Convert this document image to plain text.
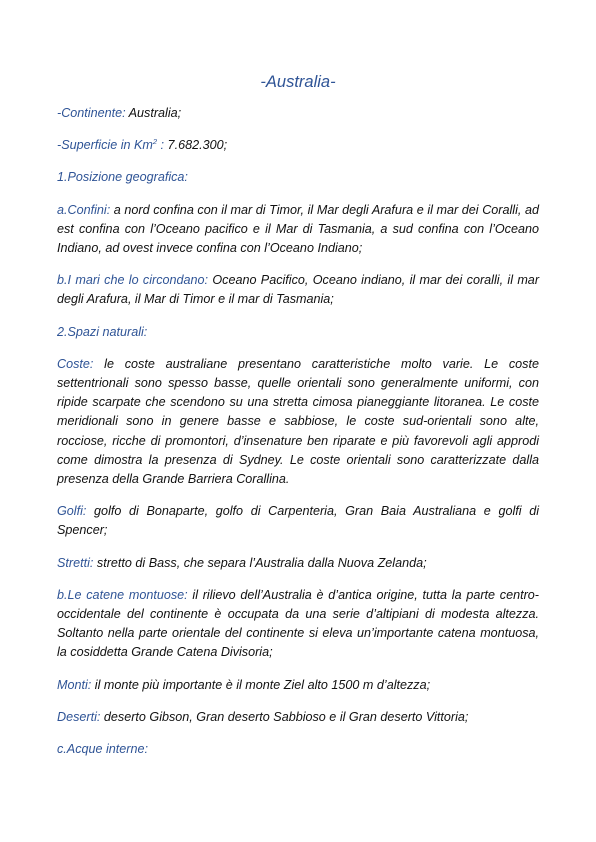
-Australia-

-Continente: Australia;

-Superficie in Km$^2$ : 7.682.300;

1.Posizione geografica:

a.Confini: a nord confina con il mar di Timor, il Mar degli Arafura e il mar dei Coralli, ad est confina con l’Oceano pacifico e il Mar di Tasmania, a sud confina con l’Oceano Indiano, ad ovest invece confina con l’Oceano Indiano;

b.I mari che lo circondano: Oceano Pacifico, Oceano indiano, il mar dei coralli, il mar degli Arafura, il Mar di Timor e il mar di Tasmania;

2.Spazi naturali:

Coste: le coste australiane presentano caratteristiche molto varie. Le coste settentrionali sono spesso basse, quelle orientali sono generalmente uniformi, con ripide scarpate che scendono su una stretta cimosa pianeggiante litoranea. Le coste meridionali sono in genere basse e sabbiose, le coste sud-orientali sono alte, rocciose, ricche di promontori, d’insenature ben riparate e più favorevoli agli approdi come dimostra la presenza di Sydney. Le coste orientali sono caratterizzate dalla presenza della Grande Barriera Corallina.

Golfi: golfo di Bonaparte, golfo di Carpenteria, Gran Baia Australiana e golfi di Spencer;

Stretti: stretto di Bass, che separa l’Australia dalla Nuova Zelanda;

b.Le catene montuose: il rilievo dell’Australia è d’antica origine, tutta la parte centro-occidentale del continente è occupata da una serie d’altipiani di modesta altezza. Soltanto nella parte orientale del continente si eleva un’importante catena montuosa, la cosiddetta Grande Catena Divisoria;

Monti: il monte più importante è il monte Ziel alto 1500 m d’altezza;

Deserti: deserto Gibson, Gran deserto Sabbioso e il Gran deserto Vittoria;

c.Acque interne:
